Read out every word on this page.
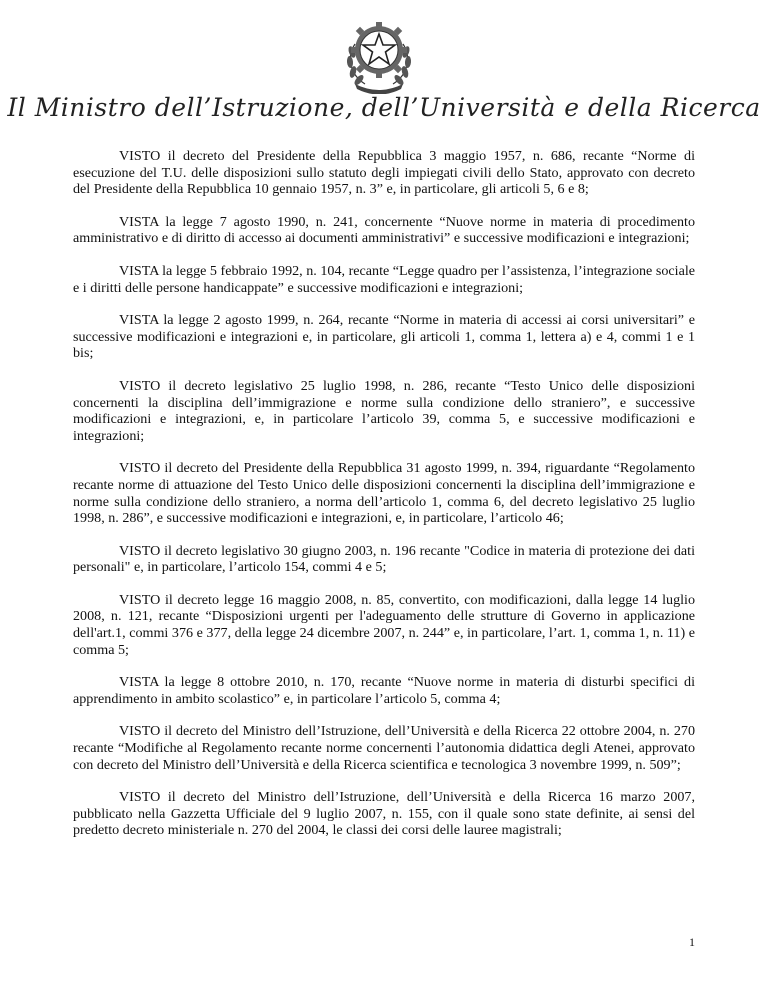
Il Ministro dell’Istruzione, dell’Università e della Ricerca

VISTO il decreto del Presidente della Repubblica 3 maggio 1957, n. 686, recante “Norme di esecuzione del T.U. delle disposizioni sullo statuto degli impiegati civili dello Stato, approvato con decreto del Presidente della Repubblica 10 gennaio 1957, n. 3” e, in particolare, gli articoli 5, 6 e 8;

VISTA la legge 7 agosto 1990, n. 241, concernente “Nuove norme in materia di procedimento amministrativo e di diritto di accesso ai documenti amministrativi” e successive modificazioni e integrazioni;

VISTA la legge 5 febbraio 1992, n. 104, recante “Legge quadro per l’assistenza, l’integrazione sociale e i diritti delle persone handicappate” e successive modificazioni e integrazioni;

VISTA la legge 2 agosto 1999, n. 264, recante “Norme in materia di accessi ai corsi universitari” e successive modificazioni e integrazioni e, in particolare, gli articoli 1, comma 1, lettera a) e 4, commi 1 e 1 bis;

VISTO il decreto legislativo 25 luglio 1998, n. 286, recante “Testo Unico delle disposizioni concernenti la disciplina dell’immigrazione e norme sulla condizione dello straniero”, e successive modificazioni e integrazioni, e, in particolare l’articolo 39, comma 5, e successive modificazioni e integrazioni;

VISTO il decreto del Presidente della Repubblica 31 agosto 1999, n. 394, riguardante “Regolamento recante norme di attuazione del Testo Unico delle disposizioni concernenti la disciplina dell’immigrazione e norme sulla condizione dello straniero, a norma dell’articolo 1, comma 6, del decreto legislativo 25 luglio 1998, n. 286”, e successive modificazioni e integrazioni, e, in particolare, l’articolo 46;

VISTO il decreto legislativo 30 giugno 2003, n. 196 recante "Codice in materia di protezione dei dati personali" e, in particolare, l’articolo 154, commi 4 e 5;

VISTO il decreto legge 16 maggio 2008, n. 85, convertito, con modificazioni, dalla legge 14 luglio 2008, n. 121, recante “Disposizioni urgenti per l'adeguamento delle strutture di Governo in applicazione dell'art.1, commi 376 e 377, della legge 24 dicembre 2007, n. 244” e, in particolare, l’art. 1, comma 1, n. 11) e comma 5;

VISTA la legge 8 ottobre 2010, n. 170, recante “Nuove norme in materia di disturbi specifici di apprendimento in ambito scolastico” e, in particolare l’articolo 5, comma 4;

VISTO il decreto del Ministro dell’Istruzione, dell’Università e della Ricerca 22 ottobre 2004, n. 270 recante “Modifiche al Regolamento recante norme concernenti l’autonomia didattica degli Atenei, approvato con decreto del Ministro dell’Università e della Ricerca scientifica e tecnologica 3 novembre 1999, n. 509”;

VISTO il decreto del Ministro dell’Istruzione, dell’Università e della Ricerca 16 marzo 2007, pubblicato nella Gazzetta Ufficiale del 9 luglio 2007, n. 155, con il quale sono state definite, ai sensi del predetto decreto ministeriale n. 270 del 2004, le classi dei corsi delle lauree magistrali;

1
